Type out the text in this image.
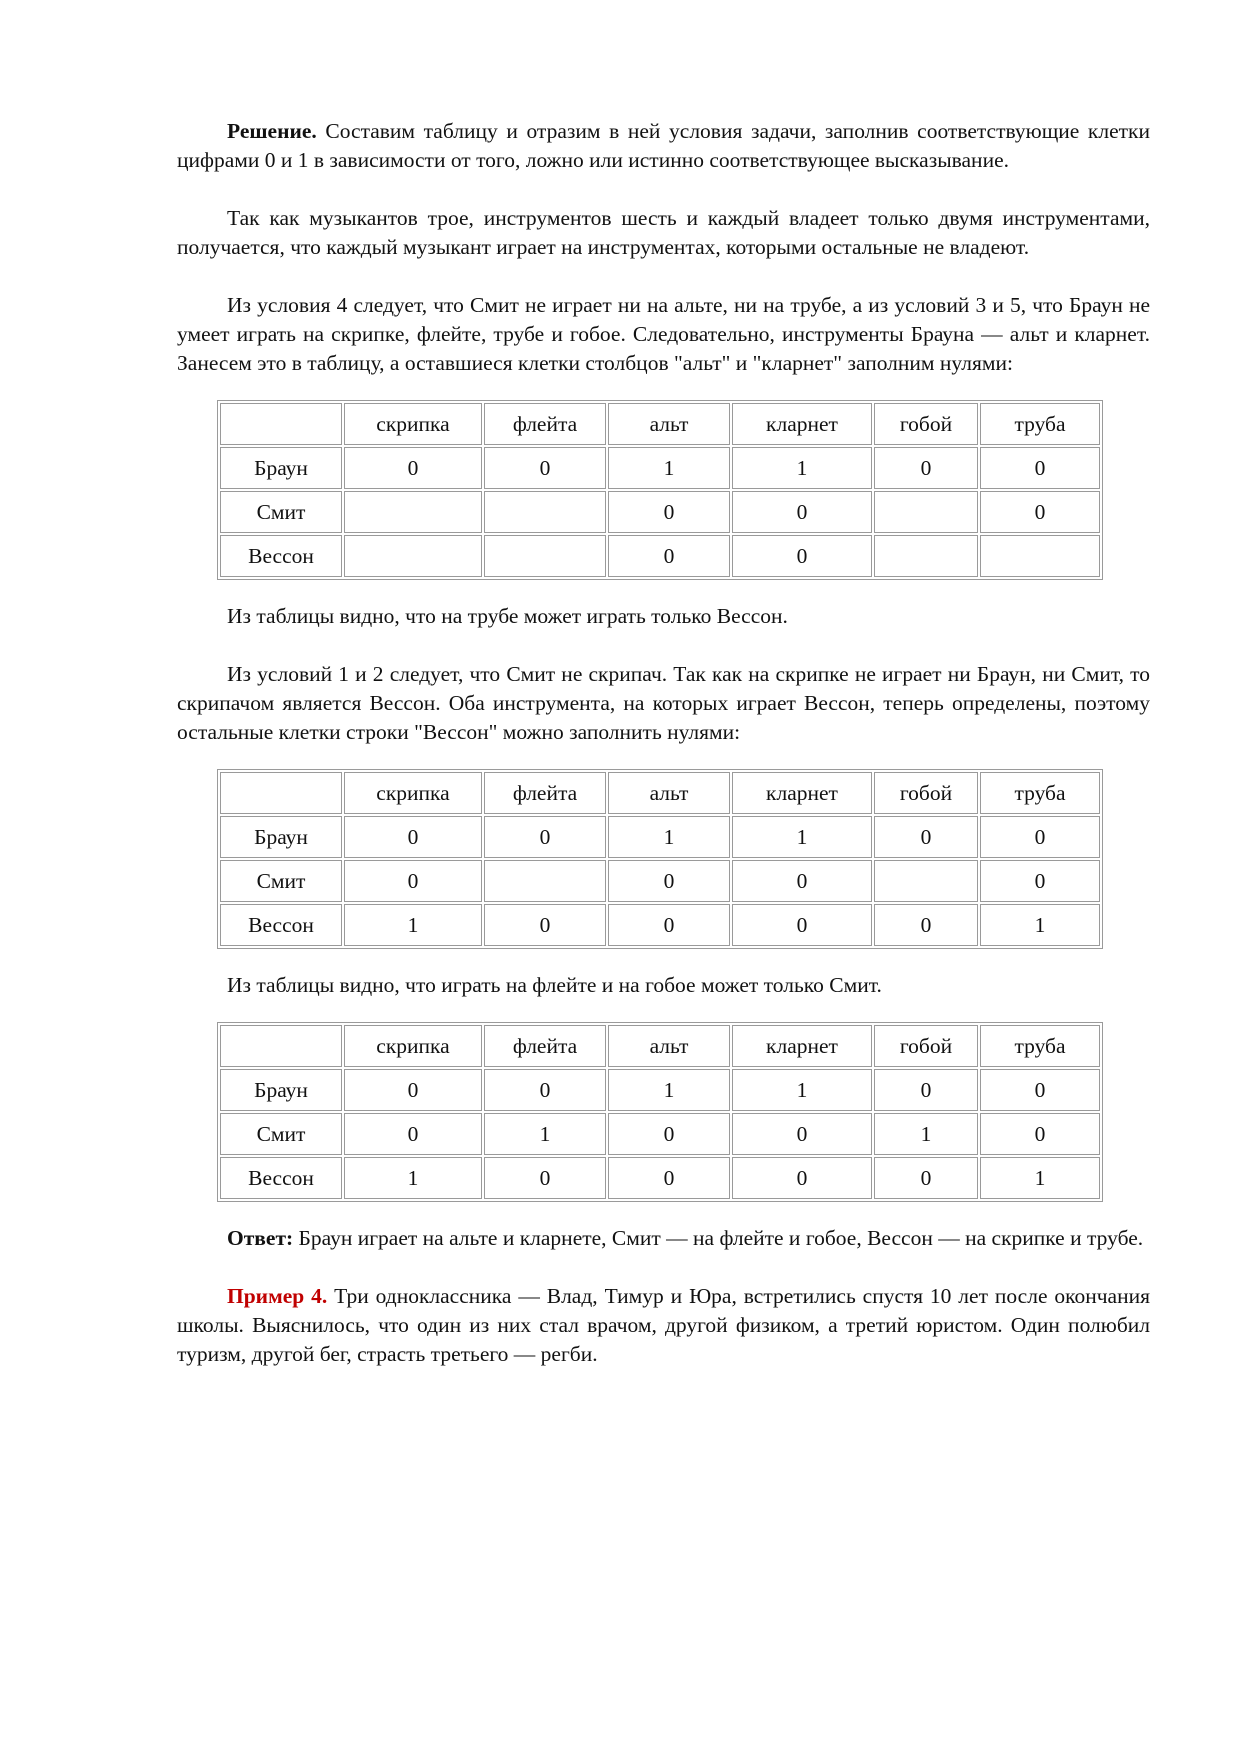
Решение. Составим таблицу и отразим в ней условия задачи, заполнив соответствующие клетки цифрами 0 и 1 в зависимости от того, ложно или истинно соответствующее высказывание.

Так как музыкантов трое, инструментов шесть и каждый владеет только двумя инструментами, получается, что каждый музыкант играет на инструментах, которыми остальные не владеют.

Из условия 4 следует, что Смит не играет ни на альте, ни на трубе, а из условий 3 и 5, что Браун не умеет играть на скрипке, флейте, трубе и гобое. Следовательно, инструменты Брауна — альт и кларнет. Занесем это в таблицу, а оставшиеся клетки столбцов "альт" и "кларнет" заполним нулями:

	скрипка	флейта	альт	кларнет	гобой	труба
Браун	0	0	1	1	0	0
Смит			0	0		0
Вессон			0	0		

Из таблицы видно, что на трубе может играть только Вессон.

Из условий 1 и 2 следует, что Смит не скрипач. Так как на скрипке не играет ни Браун, ни Смит, то скрипачом является Вессон. Оба инструмента, на которых играет Вессон, теперь определены, поэтому остальные клетки строки "Вессон" можно заполнить нулями:

	скрипка	флейта	альт	кларнет	гобой	труба
Браун	0	0	1	1	0	0
Смит	0		0	0		0
Вессон	1	0	0	0	0	1

Из таблицы видно, что играть на флейте и на гобое может только Смит.

	скрипка	флейта	альт	кларнет	гобой	труба
Браун	0	0	1	1	0	0
Смит	0	1	0	0	1	0
Вессон	1	0	0	0	0	1

Ответ: Браун играет на альте и кларнете, Смит — на флейте и гобое, Вессон — на скрипке и трубе.

Пример 4. Три одноклассника — Влад, Тимур и Юра, встретились спустя 10 лет после окончания школы. Выяснилось, что один из них стал врачом, другой физиком, а третий юристом. Один полюбил туризм, другой бег, страсть третьего — регби.
